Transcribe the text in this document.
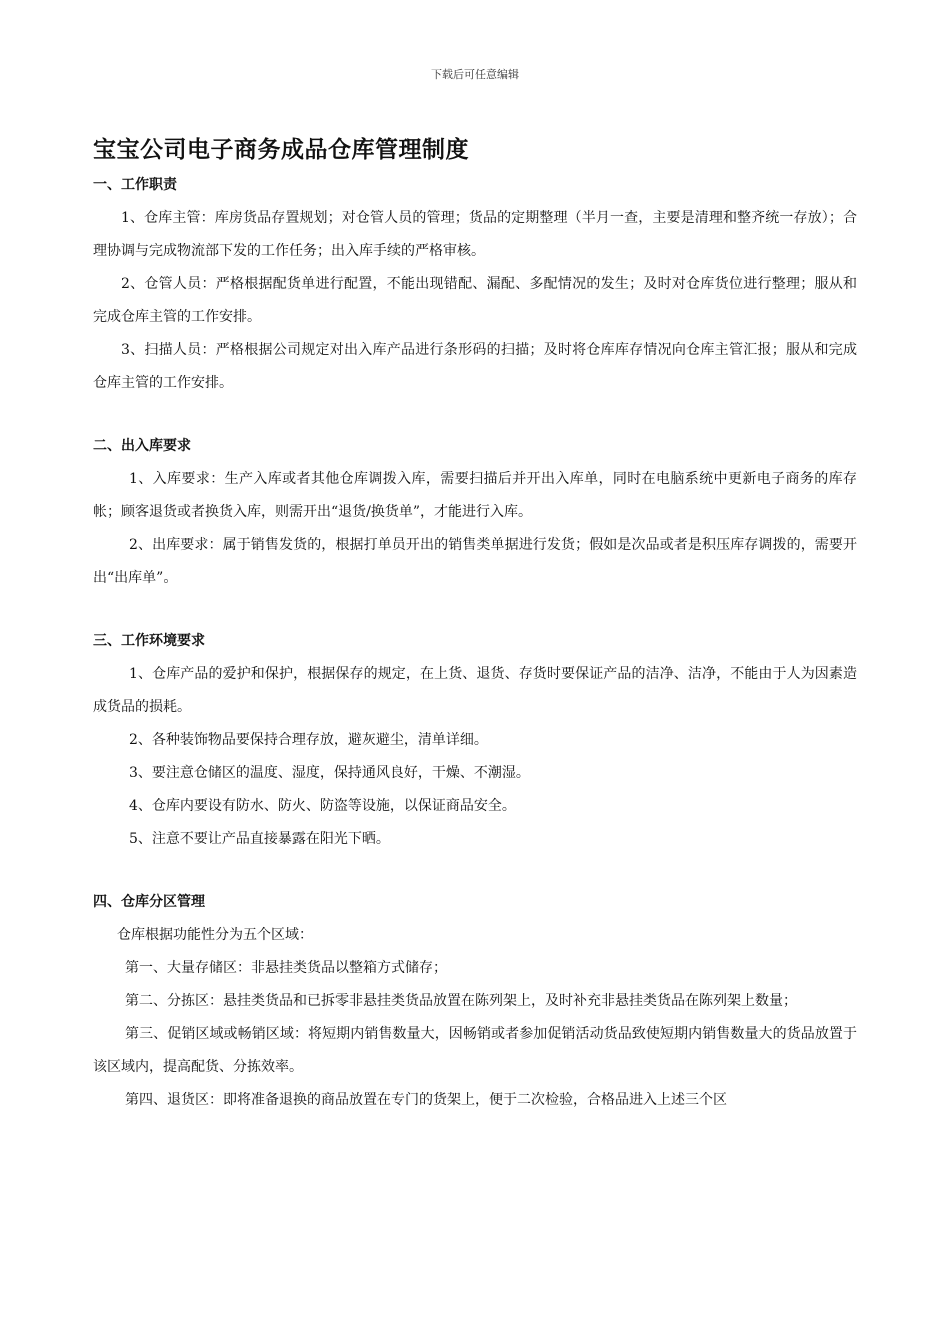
下载后可任意编辑
宝宝公司电子商务成品仓库管理制度
一、工作职责

1、仓库主管：库房货品存置规划；对仓管人员的管理；货品的定期整理（半月一查，主要是清理和整齐统一存放）；合理协调与完成物流部下发的工作任务；出入库手续的严格审核。

2、仓管人员：严格根据配货单进行配置，不能出现错配、漏配、多配情况的发生；及时对仓库货位进行整理；服从和完成仓库主管的工作安排。

3、扫描人员：严格根据公司规定对出入库产品进行条形码的扫描；及时将仓库库存情况向仓库主管汇报；服从和完成仓库主管的工作安排。

二、出入库要求

1、入库要求：生产入库或者其他仓库调拨入库，需要扫描后并开出入库单，同时在电脑系统中更新电子商务的库存帐；顾客退货或者换货入库，则需开出“退货/换货单”，才能进行入库。

2、出库要求：属于销售发货的，根据打单员开出的销售类单据进行发货；假如是次品或者是积压库存调拨的，需要开出“出库单”。

三、工作环境要求

1、仓库产品的爱护和保护，根据保存的规定，在上货、退货、存货时要保证产品的洁净、洁净，不能由于人为因素造成货品的损耗。

2、各种装饰物品要保持合理存放，避灰避尘，清单详细。

3、要注意仓储区的温度、湿度，保持通风良好，干燥、不潮湿。

4、仓库内要设有防水、防火、防盗等设施，以保证商品安全。

5、注意不要让产品直接暴露在阳光下晒。

四、仓库分区管理

仓库根据功能性分为五个区域：

第一、大量存储区：非悬挂类货品以整箱方式储存；

第二、分拣区：悬挂类货品和已拆零非悬挂类货品放置在陈列架上，及时补充非悬挂类货品在陈列架上数量；

第三、促销区域或畅销区域：将短期内销售数量大，因畅销或者参加促销活动货品致使短期内销售数量大的货品放置于该区域内，提高配货、分拣效率。

第四、退货区：即将准备退换的商品放置在专门的货架上，便于二次检验，合格品进入上述三个区
